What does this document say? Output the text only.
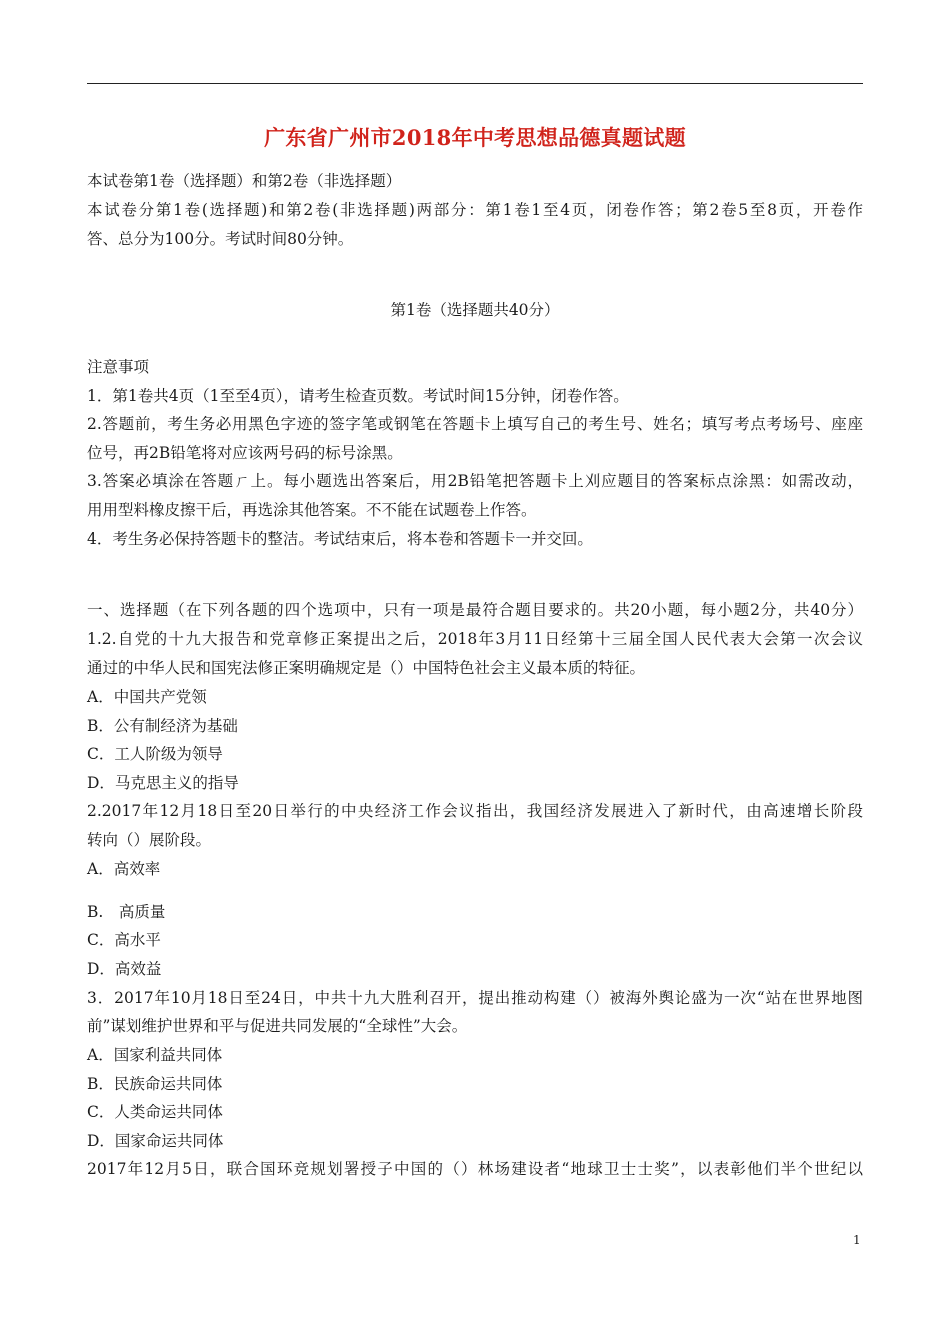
广东省广州市2018年中考思想品德真题试题
本试卷第1卷（选择题）和第2卷（非选择题）
本试卷分第1卷(选择题)和第2卷(非选择题)两部分：第1卷1至4页，闭卷作答；第2卷5至8页，开卷作
答、总分为100分。考试时间80分钟。
第1卷（选择题共40分）
注意事项
1．第1卷共4页（1至至4页），请考生检查页数。考试时间15分钟，闭卷作答。
2.答题前，考生务必用黑色字迹的签字笔或钢笔在答题卡上填写自己的考生号、姓名；填写考点考场号、座座
位号，再2B铅笔将对应该两号码的标号涂黑。
3.答案必填涂在答题ㄏ上。每小题选出答案后，用2B铅笔把答题卡上刈应题目的答案标点涂黑：如需改动，
用用型料橡皮擦干后，再选涂其他答案。不不能在试题卷上作答。
4．考生务必保持答题卡的整洁。考试结束后，将本卷和答题卡一并交回。
一、选择题（在下列各题的四个选项中，只有一项是最符合题目要求的。共20小题，每小题2分，共40分）
1.2.自党的十九大报告和党章修正案提出之后，2018年3月11日经第十三届全国人民代表大会第一次会议
通过的中华人民和国宪法修正案明确规定是（）中国特色社会主义最本质的特征。
A．中国共产党领
B．公有制经济为基础
C．工人阶级为领导
D．马克思主义的指导
2.2017年12月18日至20日举行的中央经济工作会议指出，我国经济发展进入了新时代，由高速增长阶段
转向（）展阶段。
A．高效率
B.　高质量
C．高水平
D．高效益
3．2017年10月18日至24日，中共十九大胜利召开，提出推动构建（）被海外舆论盛为一次“站在世界地图
前”谋划维护世界和平与促进共同发展的“全球性”大会。
A．国家利益共同体
B．民族命运共同体
C．人类命运共同体
D．国家命运共同体
2017年12月5日，联合国环竞规划署授子中国的（）林场建设者“地球卫士士奖”，以表彰他们半个世纪以
1
